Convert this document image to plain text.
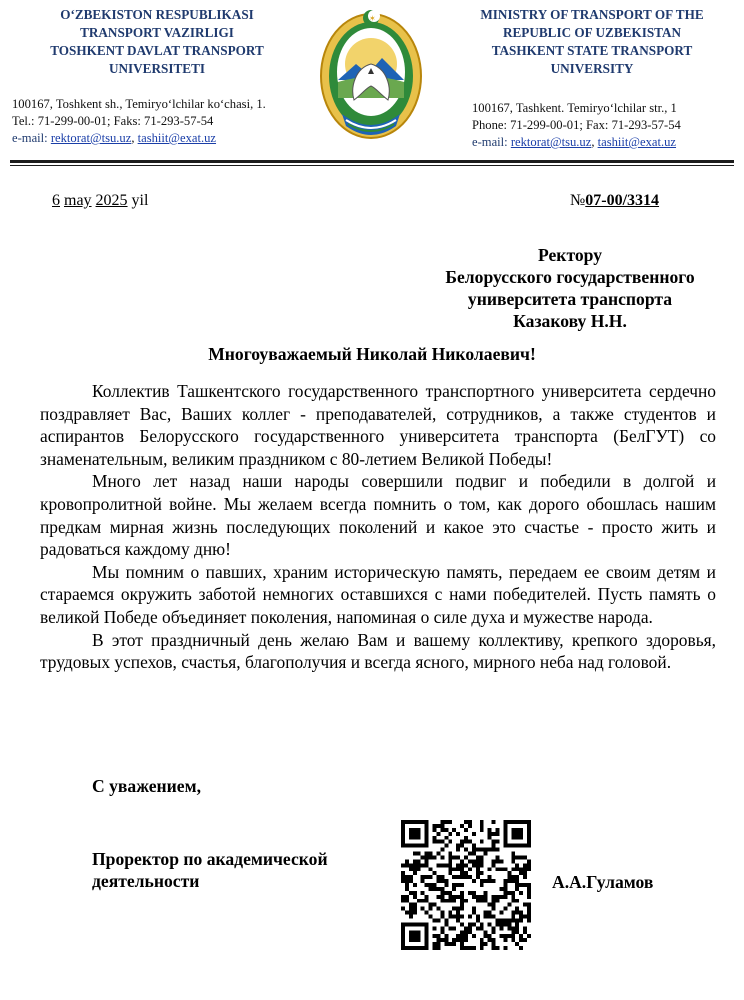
O‘ZBEKISTON RESPUBLIKASI
TRANSPORT VAZIRLIGI
TOSHKENT DAVLAT TRANSPORT
UNIVERSITETI
✶	MINISTRY OF TRANSPORT OF THE
REPUBLIC OF UZBEKISTAN
TASHKENT STATE TRANSPORT
UNIVERSITY
100167, Toshkent sh., Temiryo‘lchilar ko‘chasi, 1.
Tel.: 71-299-00-01; Faks: 71-293-57-54
e-mail: rektorat@tsu.uz, tashiit@exat.uz
100167, Tashkent. Temiryo‘lchilar str., 1
Phone: 71-299-00-01; Fax: 71-293-57-54
e-mail: rektorat@tsu.uz, tashiit@exat.uz
6 may 2025 yil	№07-00/3314
Ректору
Белорусского государственного
университета транспорта
Казакову Н.Н.
Многоуважаемый Николай Николаевич!

Коллектив Ташкентского государственного транспортного университета сердечно поздравляет Вас, Ваших коллег - преподавателей, сотрудников, а также студентов и аспирантов Белорусского государственного университета транспорта (БелГУТ) со знаменательным, великим праздником с 80-летием Великой Победы!

Много лет назад наши народы совершили подвиг и победили в долгой и кровопролитной войне. Мы желаем всегда помнить о том, как дорого обошлась нашим предкам мирная жизнь последующих поколений и какое это счастье - просто жить и радоваться каждому дню!

Мы помним о павших, храним историческую память, передаем ее своим детям и стараемся окружить заботой немногих оставшихся с нами победителей. Пусть память о великой Победе объединяет поколения, напоминая о силе духа и мужестве народа.

В этот праздничный день желаю Вам и вашему коллективу, крепкого здоровья, трудовых успехов, счастья, благополучия и всегда ясного, мирного неба над головой.

С уважением,
Проректор по академической
деятельности	А.А.Гуламов
